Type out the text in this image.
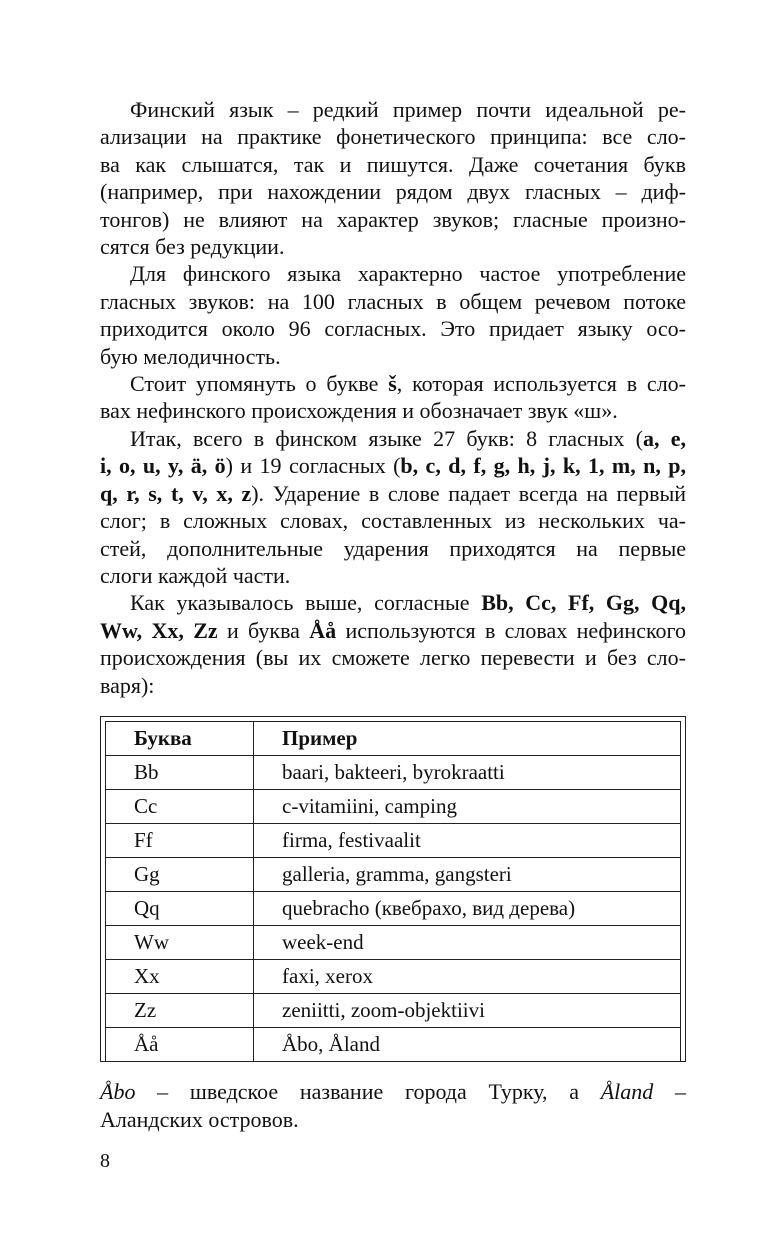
Финский язык – редкий пример почти идеальной ре-
ализации на практике фонетического принципа: все сло-
ва как слышатся, так и пишутся. Даже сочетания букв
(например, при нахождении рядом двух гласных – диф-
тонгов) не влияют на характер звуков; гласные произно-
сятся без редукции.

Для финского языка характерно частое употребление
гласных звуков: на 100 гласных в общем речевом потоке
приходится около 96 согласных. Это придает языку осо-
бую мелодичность.

Стоит упомянуть о букве š, которая используется в сло-
вах нефинского происхождения и обозначает звук «ш».

Итак, всего в финском языке 27 букв: 8 гласных (a, e,
i, o, u, y, ä, ö) и 19 согласных (b, c, d, f, g, h, j, k, 1, m, n, p,
q, r, s, t, v, x, z). Ударение в слове падает всегда на первый
слог; в сложных словах, составленных из нескольких ча-
стей, дополнительные ударения приходятся на первые
слоги каждой части.

Как указывалось выше, согласные Bb, Cc, Ff, Gg, Qq,
Ww, Xx, Zz и буква Åå используются в словах нефинского
происхождения (вы их сможете легко перевести и без сло-
варя):

Буква	Пример
Bb	baari, bakteeri, byrokraatti
Cc	c-vitamiini, camping
Ff	firma, festivaalit
Gg	galleria, gramma, gangsteri
Qq	quebracho (квебрахо, вид дерева)
Ww	week-end
Xx	faxi, xerox
Zz	zeniitti, zoom-objektiivi
Åå	Åbo, Åland

Åbo – шведское название города Турку, а Åland –
Аландских островов.

8
